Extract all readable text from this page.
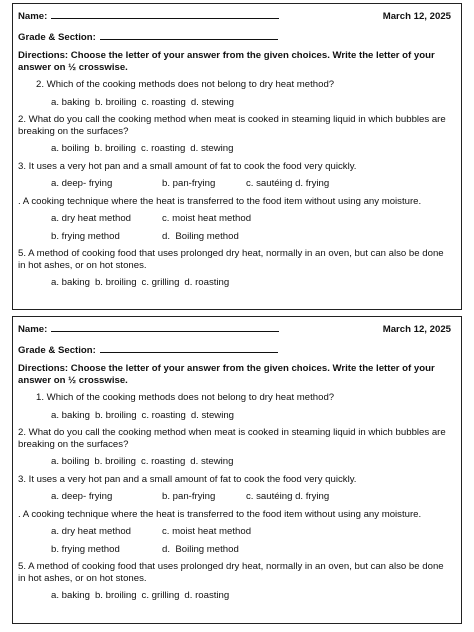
Name:	March 12, 2025
Grade & Section:
Directions: Choose the letter of your answer from the given choices. Write the letter of your answer on ½ crosswise.
2. Which of the cooking methods does not belong to dry heat method?
a. baking b. broiling c. roasting d. stewing
2. What do you call the cooking method when meat is cooked in steaming liquid in which bubbles are breaking on the surfaces?
a. boiling b. broiling c. roasting d. stewing
3. It uses a very hot pan and a small amount of fat to cook the food very quickly.
a. deep- frying	b. pan-frying	c. sautéing d. frying
. A cooking technique where the heat is transferred to the food item without using any moisture.
a. dry heat method	c. moist heat method
b. frying method	d.  Boiling method
5. A method of cooking food that uses prolonged dry heat, normally in an oven, but can also be done in hot ashes, or on hot stones.
a. baking b. broiling c. grilling d. roasting
Name:	March 12, 2025
Grade & Section:
Directions: Choose the letter of your answer from the given choices. Write the letter of your answer on ½ crosswise.
1. Which of the cooking methods does not belong to dry heat method?
a. baking b. broiling c. roasting d. stewing
2. What do you call the cooking method when meat is cooked in steaming liquid in which bubbles are breaking on the surfaces?
a. boiling b. broiling c. roasting d. stewing
3. It uses a very hot pan and a small amount of fat to cook the food very quickly.
a. deep- frying	b. pan-frying	c. sautéing d. frying
. A cooking technique where the heat is transferred to the food item without using any moisture.
a. dry heat method	c. moist heat method
b. frying method	d.  Boiling method
5. A method of cooking food that uses prolonged dry heat, normally in an oven, but can also be done in hot ashes, or on hot stones.
a. baking b. broiling c. grilling d. roasting
